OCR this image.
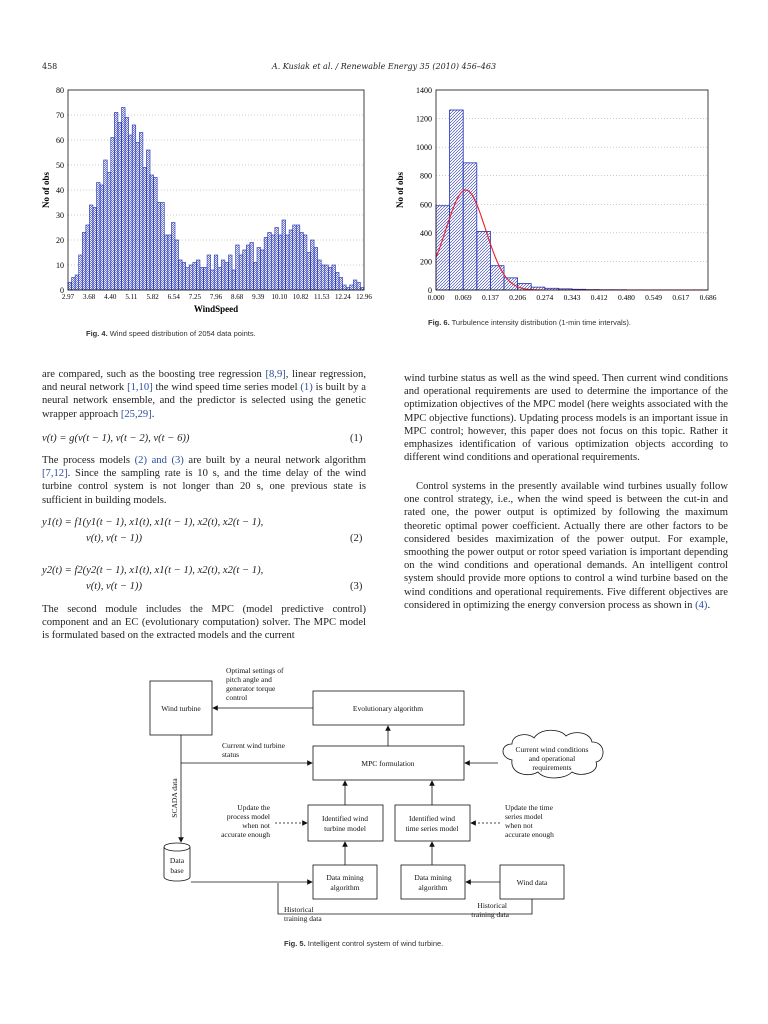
458	A. Kusiak et al. / Renewable Energy 35 (2010) 456–463
0
10
20
30
40
50
60
70
80
2.97 3.68 4.40 5.11 5.82 6.54 7.25 7.96 8.68 9.39 10.10 10.82 11.53 12.24 12.96
WindSpeed
No of obs
Fig. 4. Wind speed distribution of 2054 data points.
0
200
400
600
800
1000
1200
1400
0.000 0.069 0.137 0.206 0.274 0.343 0.412 0.480 0.549 0.617 0.686
No of obs
Fig. 6. Turbulence intensity distribution (1-min time intervals).

are compared, such as the boosting tree regression [8,9], linear regression, and neural network [1,10] the wind speed time series model (1) is built by a neural network ensemble, and the predictor is selected using the genetic wrapper approach [25,29].

v(t) = g(v(t − 1), v(t − 2), v(t − 6))	(1)

The process models (2) and (3) are built by a neural network algorithm [7,12]. Since the sampling rate is 10 s, and the time delay of the wind turbine control system is not longer than 20 s, one previous state is sufficient in building models.

y1(t) = f1(y1(t − 1), x1(t), x1(t − 1), x2(t), x2(t − 1),
v(t), v(t − 1))	(2)
y2(t) = f2(y2(t − 1), x1(t), x1(t − 1), x2(t), x2(t − 1),
v(t), v(t − 1))	(3)
The second module includes the MPC (model predictive control) component and an EC (evolutionary computation) solver. The MPC model is formulated based on the extracted models and the current

wind turbine status as well as the wind speed. Then current wind conditions and operational requirements are used to determine the importance of the optimization objectives of the MPC model (here weights associated with the MPC objective functions). Updating process models is an important issue in MPC control; however, this paper does not focus on this topic. Rather it emphasizes identification of various optimization objects according to different wind conditions and operational requirements.

Control systems in the presently available wind turbines usually follow one control strategy, i.e., when the wind speed is between the cut-in and rated one, the power output is optimized by following the maximum theoretic optimal power coefficient. Actually there are other factors to be considered besides maximization of the power output. For example, smoothing the power output or rotor speed variation is important depending on the wind conditions and operational demands. An intelligent control system should provide more options to control a wind turbine based on the wind conditions and operational requirements. Five different objectives are considered in optimizing the energy conversion process as shown in (4).

Wind turbine	Evolutionary algorithm
MPC formulation
Current wind conditions
and operational
requirements
Identified wind
turbine model
Identified wind
time series model
Data mining
algorithm
Data mining
algorithm
Wind data
Data
base
Optimal settings of
pitch angle and
generator torque
control
Current wind turbine
status
Update the time
series model
when not
accurate enough
Historical
training data
Update the
process model
when not
accurate enough
Historical
training data
SCADA data
Fig. 5. Intelligent control system of wind turbine.
